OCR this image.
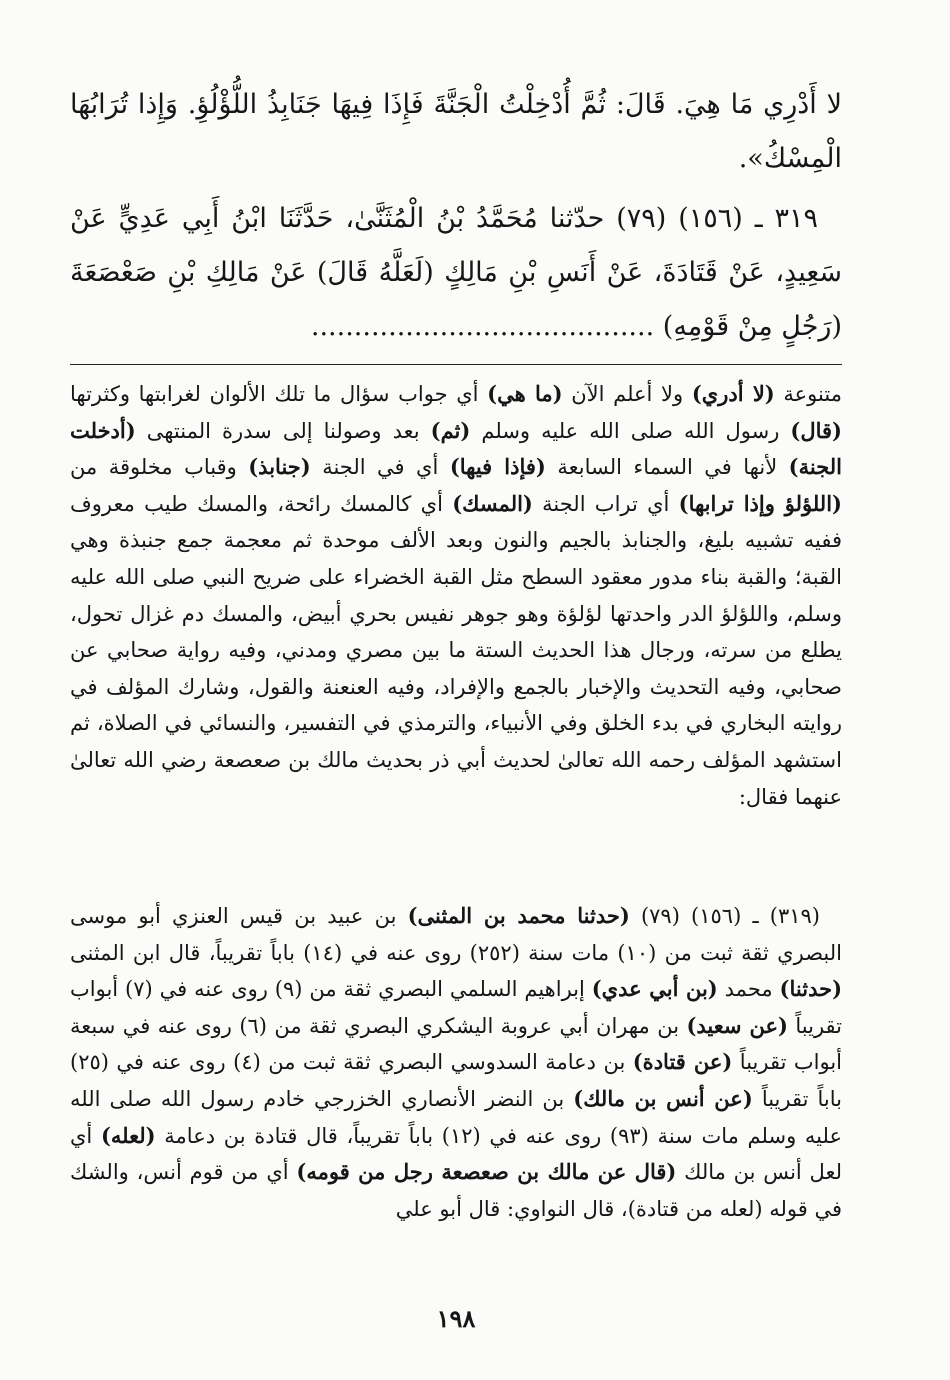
لا أَدْرِي مَا هِيَ. قَالَ: ثُمَّ أُدْخِلْتُ الْجَنَّةَ فَإِذَا فِيهَا جَنَابِذُ اللُّؤْلُؤِ. وَإِذا تُرَابُهَا الْمِسْكُ».

٣١٩ ـ (١٥٦) (٧٩) حدّثنا مُحَمَّدُ بْنُ الْمُثَنَّىٰ، حَدَّثَنَا ابْنُ أَبِي عَدِيٍّ عَنْ سَعِيدٍ، عَنْ قَتَادَةَ، عَنْ أَنَسِ بْنِ مَالِكٍ (لَعَلَّهُ قَالَ) عَنْ مَالِكِ بْنِ صَعْصَعَةَ (رَجُلٍ مِنْ قَوْمِهِ) ........................................

متنوعة (لا أدري) ولا أعلم الآن (ما هي) أي جواب سؤال ما تلك الألوان لغرابتها وكثرتها (قال) رسول الله صلى الله عليه وسلم (ثم) بعد وصولنا إلى سدرة المنتهى (أدخلت الجنة) لأنها في السماء السابعة (فإذا فيها) أي في الجنة (جنابذ) وقباب مخلوقة من (اللؤلؤ وإذا ترابها) أي تراب الجنة (المسك) أي كالمسك رائحة، والمسك طيب معروف ففيه تشبيه بليغ، والجنابذ بالجيم والنون وبعد الألف موحدة ثم معجمة جمع جنبذة وهي القبة؛ والقبة بناء مدور معقود السطح مثل القبة الخضراء على ضريح النبي صلى الله عليه وسلم، واللؤلؤ الدر واحدتها لؤلؤة وهو جوهر نفيس بحري أبيض، والمسك دم غزال تحول، يطلع من سرته، ورجال هذا الحديث الستة ما بين مصري ومدني، وفيه رواية صحابي عن صحابي، وفيه التحديث والإخبار بالجمع والإفراد، وفيه العنعنة والقول، وشارك المؤلف في روايته البخاري في بدء الخلق وفي الأنبياء، والترمذي في التفسير، والنسائي في الصلاة، ثم استشهد المؤلف رحمه الله تعالىٰ لحديث أبي ذر بحديث مالك بن صعصعة رضي الله تعالىٰ عنهما فقال:

(٣١٩) ـ (١٥٦) (٧٩) (حدثنا محمد بن المثنى) بن عبيد بن قيس العنزي أبو موسى البصري ثقة ثبت من (١٠) مات سنة (٢٥٢) روى عنه في (١٤) باباً تقريباً، قال ابن المثنى (حدثنا) محمد (بن أبي عدي) إبراهيم السلمي البصري ثقة من (٩) روى عنه في (٧) أبواب تقريباً (عن سعيد) بن مهران أبي عروبة اليشكري البصري ثقة من (٦) روى عنه في سبعة أبواب تقريباً (عن قتادة) بن دعامة السدوسي البصري ثقة ثبت من (٤) روى عنه في (٢٥) باباً تقريباً (عن أنس بن مالك) بن النضر الأنصاري الخزرجي خادم رسول الله صلى الله عليه وسلم مات سنة (٩٣) روى عنه في (١٢) باباً تقريباً، قال قتادة بن دعامة (لعله) أي لعل أنس بن مالك (قال عن مالك بن صعصعة رجل من قومه) أي من قوم أنس، والشك في قوله (لعله من قتادة)، قال النواوي: قال أبو علي

١٩٨
